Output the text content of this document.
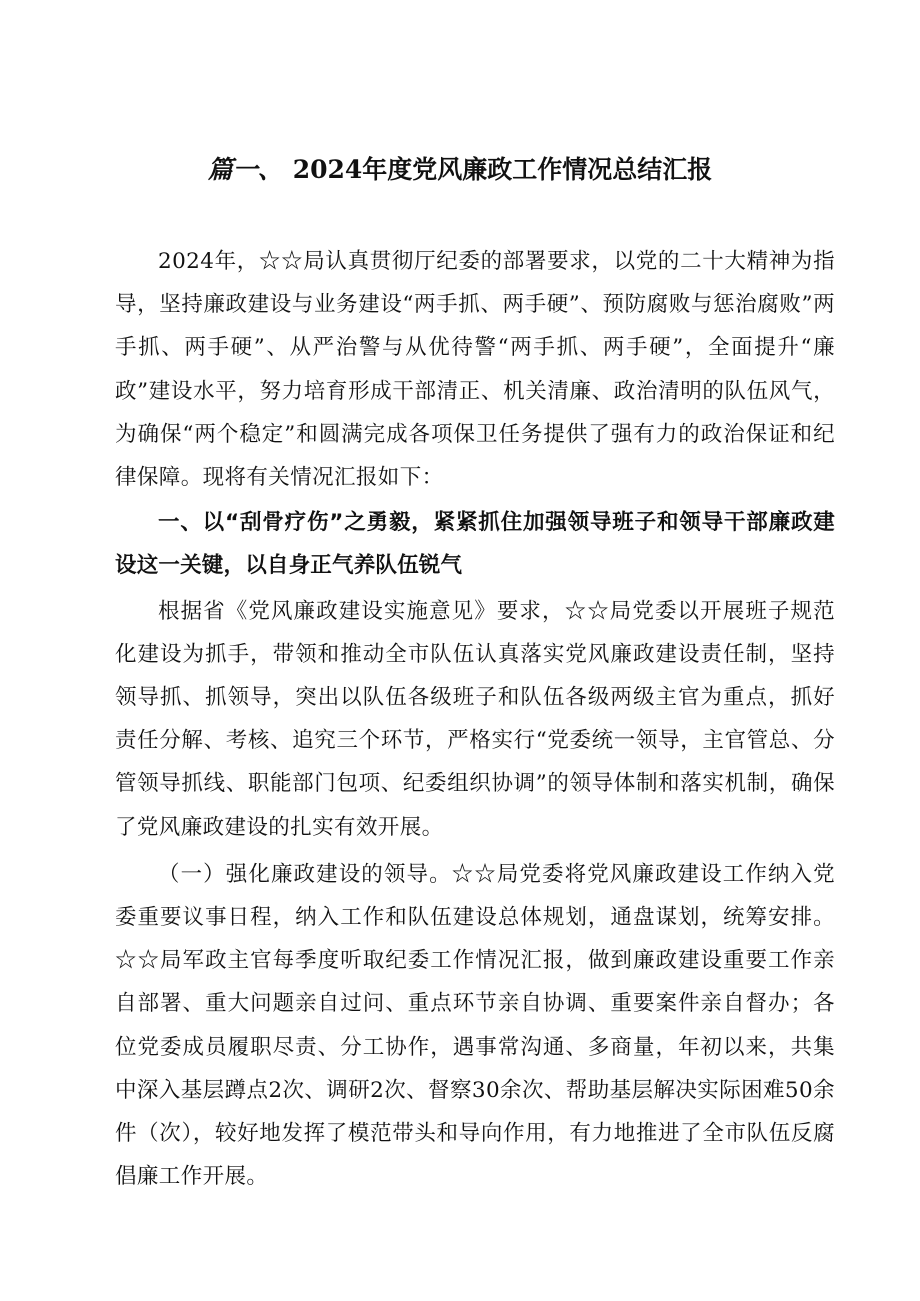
篇一、 2024年度党风廉政工作情况总结汇报

2024年，☆☆局认真贯彻厅纪委的部署要求，以党的二十大精神为指导，坚持廉政建设与业务建设“两手抓、两手硬”、预防腐败与惩治腐败”两手抓、两手硬”、从严治警与从优待警“两手抓、两手硬”，全面提升“廉政”建设水平，努力培育形成干部清正、机关清廉、政治清明的队伍风气，为确保“两个稳定”和圆满完成各项保卫任务提供了强有力的政治保证和纪律保障。现将有关情况汇报如下：

一、以“刮骨疗伤”之勇毅，紧紧抓住加强领导班子和领导干部廉政建设这一关键，以自身正气养队伍锐气

根据省《党风廉政建设实施意见》要求，☆☆局党委以开展班子规范化建设为抓手，带领和推动全市队伍认真落实党风廉政建设责任制，坚持领导抓、抓领导，突出以队伍各级班子和队伍各级两级主官为重点，抓好责任分解、考核、追究三个环节，严格实行“党委统一领导，主官管总、分管领导抓线、职能部门包项、纪委组织协调”的领导体制和落实机制，确保了党风廉政建设的扎实有效开展。

（一）强化廉政建设的领导。☆☆局党委将党风廉政建设工作纳入党委重要议事日程，纳入工作和队伍建设总体规划，通盘谋划，统筹安排。☆☆局军政主官每季度听取纪委工作情况汇报，做到廉政建设重要工作亲自部署、重大问题亲自过问、重点环节亲自协调、重要案件亲自督办；各位党委成员履职尽责、分工协作，遇事常沟通、多商量，年初以来，共集中深入基层蹲点2次、调研2次、督察30余次、帮助基层解决实际困难50余件（次），较好地发挥了模范带头和导向作用，有力地推进了全市队伍反腐倡廉工作开展。
